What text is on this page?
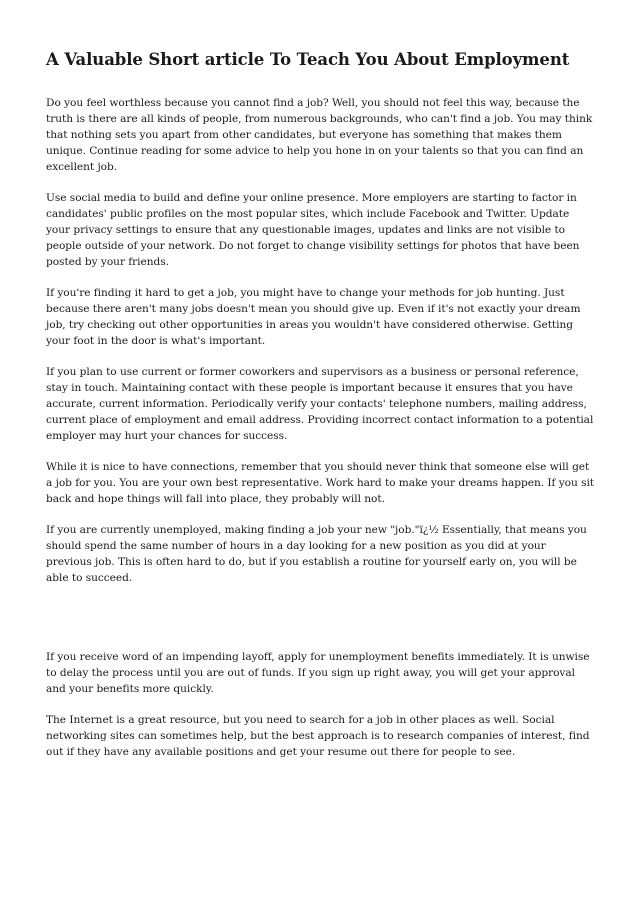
A Valuable Short article To Teach You About Employment

Do you feel worthless because you cannot find a job? Well, you should not feel this way, because the truth is there are all kinds of people, from numerous backgrounds, who can't find a job. You may think that nothing sets you apart from other candidates, but everyone has something that makes them unique. Continue reading for some advice to help you hone in on your talents so that you can find an excellent job.

Use social media to build and define your online presence. More employers are starting to factor in candidates' public profiles on the most popular sites, which include Facebook and Twitter. Update your privacy settings to ensure that any questionable images, updates and links are not visible to people outside of your network. Do not forget to change visibility settings for photos that have been posted by your friends.

If you're finding it hard to get a job, you might have to change your methods for job hunting. Just because there aren't many jobs doesn't mean you should give up. Even if it's not exactly your dream job, try checking out other opportunities in areas you wouldn't have considered otherwise. Getting your foot in the door is what's important.

If you plan to use current or former coworkers and supervisors as a business or personal reference, stay in touch. Maintaining contact with these people is important because it ensures that you have accurate, current information. Periodically verify your contacts' telephone numbers, mailing address, current place of employment and email address. Providing incorrect contact information to a potential employer may hurt your chances for success.

While it is nice to have connections, remember that you should never think that someone else will get a job for you. You are your own best representative. Work hard to make your dreams happen. If you sit back and hope things will fall into place, they probably will not.

If you are currently unemployed, making finding a job your new "job."ï¿½ Essentially, that means you should spend the same number of hours in a day looking for a new position as you did at your previous job. This is often hard to do, but if you establish a routine for yourself early on, you will be able to succeed.

If you receive word of an impending layoff, apply for unemployment benefits immediately. It is unwise to delay the process until you are out of funds. If you sign up right away, you will get your approval and your benefits more quickly.

The Internet is a great resource, but you need to search for a job in other places as well. Social networking sites can sometimes help, but the best approach is to research companies of interest, find out if they have any available positions and get your resume out there for people to see.
